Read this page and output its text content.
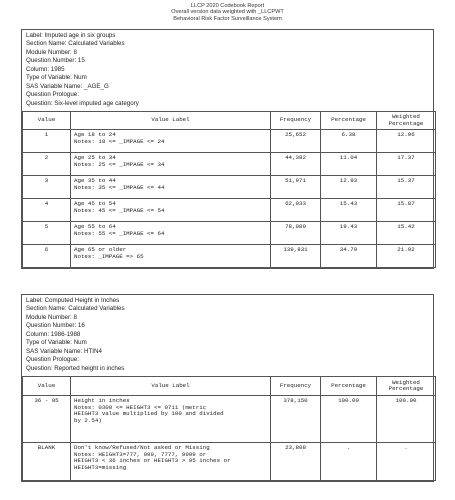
LLCP 2020 Codebook Report
Overall version data weighted with _LLCPWT
Behavioral Risk Factor Surveillance System
Label: Imputed age in six groups
Section Name: Calculated Variables
Module Number: 8
Question Number: 15
Column: 1985
Type of Variable: Num
SAS Variable Name: _AGE_G
Question Prologue:
Question: Six-level imputed age category
Value	Value Label	Frequency	Percentage	Weighted
Percentage

1	Age 18 to 24
Notes: 18 <= _IMPAGE <= 24	25,652	6.38	12.06
2	Age 25 to 34
Notes: 25 <= _IMPAGE <= 34	44,382	11.04	17.37
3	Age 35 to 44
Notes: 35 <= _IMPAGE <= 44	51,971	12.93	15.37
4	Age 45 to 54
Notes: 45 <= _IMPAGE <= 54	62,033	15.43	15.87
5	Age 55 to 64
Notes: 55 <= _IMPAGE <= 64	78,089	19.43	15.42
6	Age 65 or older
Notes: _IMPAGE => 65	139,831	34.79	21.92
Label: Computed Height in Inches
Section Name: Calculated Variables
Module Number: 8
Question Number: 16
Column: 1986-1988
Type of Variable: Num
SAS Variable Name: HTIN4
Question Prologue:
Question: Reported height in inches
Value	Value Label	Frequency	Percentage	Weighted
Percentage

36 - 95	Height in inches
Notes: 0300 <= HEIGHT3 <= 0711 (metric
HEIGHT3 value multiplied by 100 and divided
by 2.54)	378,150	100.00	100.00
BLANK	Don't know/Refused/Not asked or Missing
Notes: HEIGHT3=777, 999, 7777, 9999 or
HEIGHT3 < 36 inches or HEIGHT3 > 95 inches or
HEIGHT3=missing	23,808	.	.
